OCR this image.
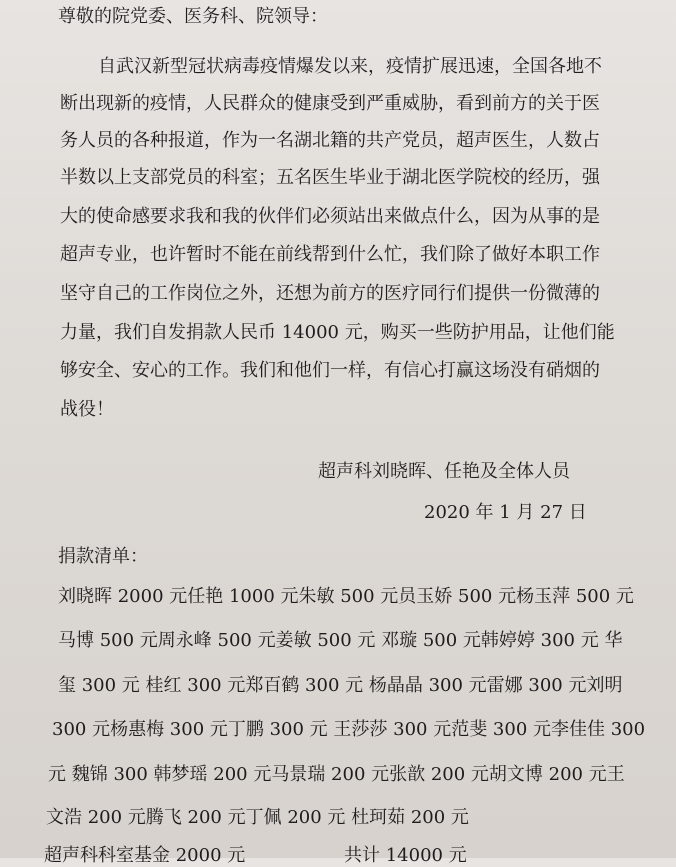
尊敬的院党委、医务科、院领导：
自武汉新型冠状病毒疫情爆发以来，疫情扩展迅速，全国各地不
断出现新的疫情，人民群众的健康受到严重威胁，看到前方的关于医
务人员的各种报道，作为一名湖北籍的共产党员，超声医生，人数占
半数以上支部党员的科室；五名医生毕业于湖北医学院校的经历，强
大的使命感要求我和我的伙伴们必须站出来做点什么，因为从事的是
超声专业，也许暂时不能在前线帮到什么忙，我们除了做好本职工作
坚守自己的工作岗位之外，还想为前方的医疗同行们提供一份微薄的
力量，我们自发捐款人民币 14000 元，购买一些防护用品，让他们能
够安全、安心的工作。我们和他们一样，有信心打赢这场没有硝烟的
战役！
超声科刘晓晖、任艳及全体人员
2020 年 1 月 27 日
捐款清单：
刘晓晖 2000 元任艳 1000 元朱敏 500 元员玉娇 500 元杨玉萍 500 元
马博 500 元周永峰 500 元姜敏 500 元 邓璇 500 元韩婷婷 300 元 华
玺 300 元 桂红 300 元郑百鹤 300 元 杨晶晶 300 元雷娜 300 元刘明
300 元杨惠梅 300 元丁鹏 300 元 王莎莎 300 元范斐 300 元李佳佳 300
元 魏锦 300 韩梦瑶 200 元马景瑞 200 元张歆 200 元胡文博 200 元王
文浩 200 元腾飞 200 元丁佩 200 元 杜珂茹 200 元
超声科科室基金 2000 元	共计 14000 元
